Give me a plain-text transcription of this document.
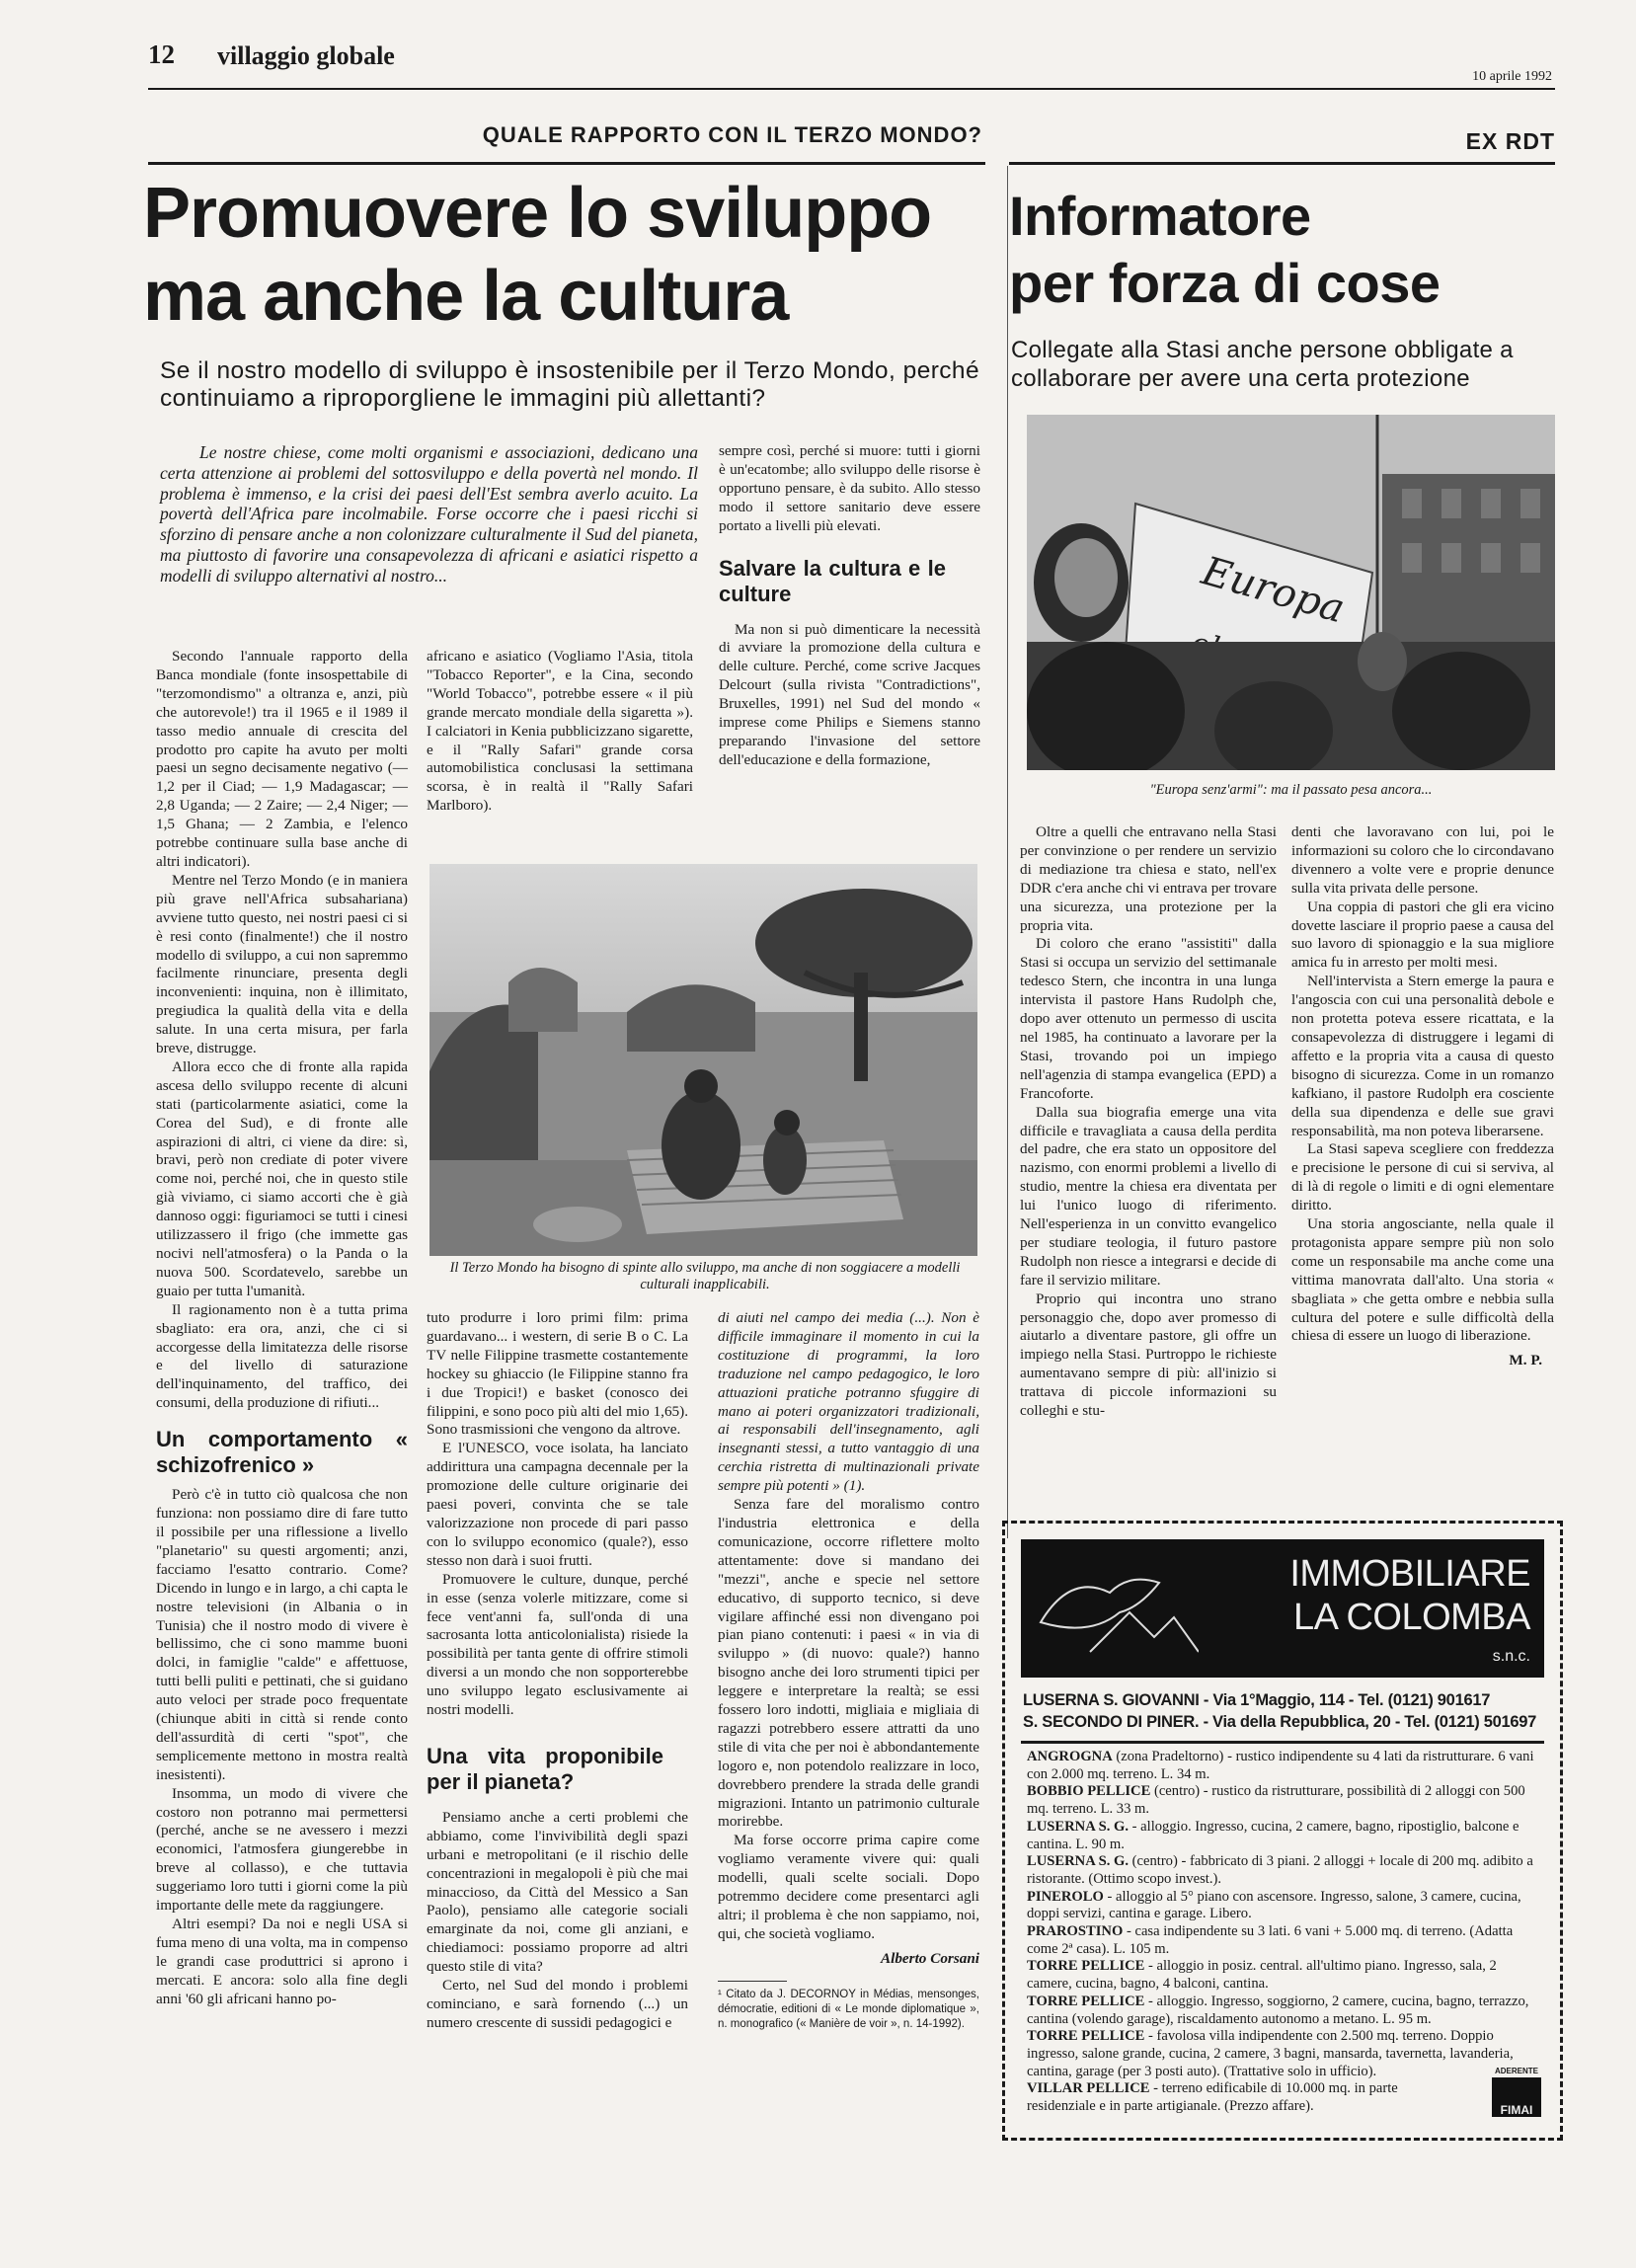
12 villaggio globale
10 aprile 1992
QUALE RAPPORTO CON IL TERZO MONDO?
Promuovere lo sviluppo
ma anche la cultura
Se il nostro modello di sviluppo è insostenibile per il Terzo Mondo, perché continuiamo a riproporgliene le immagini più allettanti?
Le nostre chiese, come molti organismi e associazioni, dedicano una certa attenzione ai problemi del sottosviluppo e della povertà nel mondo. Il problema è immenso, e la crisi dei paesi dell'Est sembra averlo acuito. La povertà dell'Africa pare incolmabile. Forse occorre che i paesi ricchi si sforzino di pensare anche a non colonizzare culturalmente il Sud del pianeta, ma piuttosto di favorire una consapevolezza di africani e asiatici rispetto a modelli di sviluppo alternativi al nostro...

Secondo l'annuale rapporto della Banca mondiale (fonte insospettabile di "terzomondismo" a oltranza e, anzi, più che autorevole!) tra il 1965 e il 1989 il tasso medio annuale di crescita del prodotto pro capite ha avuto per molti paesi un segno decisamente negativo (— 1,2 per il Ciad; — 1,9 Madagascar; — 2,8 Uganda; — 2 Zaire; — 2,4 Niger; — 1,5 Ghana; — 2 Zambia, e l'elenco potrebbe continuare sulla base anche di altri indicatori).

Mentre nel Terzo Mondo (e in maniera più grave nell'Africa subsahariana) avviene tutto questo, nei nostri paesi ci si è resi conto (finalmente!) che il nostro modello di sviluppo, a cui non sapremmo facilmente rinunciare, presenta degli inconvenienti: inquina, non è illimitato, pregiudica la qualità della vita e della salute. In una certa misura, per farla breve, distrugge.

Allora ecco che di fronte alla rapida ascesa dello sviluppo recente di alcuni stati (particolarmente asiatici, come la Corea del Sud), e di fronte alle aspirazioni di altri, ci viene da dire: sì, bravi, però non crediate di poter vivere come noi, perché noi, che in questo stile già viviamo, ci siamo accorti che è già dannoso oggi: figuriamoci se tutti i cinesi utilizzassero il frigo (che immette gas nocivi nell'atmosfera) o la Panda o la nuova 500. Scordatevelo, sarebbe un guaio per tutta l'umanità.

Il ragionamento non è a tutta prima sbagliato: era ora, anzi, che ci si accorgesse della limitatezza delle risorse e del livello di saturazione dell'inquinamento, del traffico, dei consumi, della produzione di rifiuti...

Un comportamento « schizofrenico »

Però c'è in tutto ciò qualcosa che non funziona: non possiamo dire di fare tutto il possibile per una riflessione a livello "planetario" su questi argomenti; anzi, facciamo l'esatto contrario. Come? Dicendo in lungo e in largo, a chi capta le nostre televisioni (in Albania o in Tunisia) che il nostro modo di vivere è bellissimo, che ci sono mamme buoni dolci, in famiglie "calde" e affettuose, tutti belli puliti e pettinati, che si guidano auto veloci per strade poco frequentate (chiunque abiti in città si rende conto dell'assurdità di certi "spot", che semplicemente mettono in mostra realtà inesistenti).

Insomma, un modo di vivere che costoro non potranno mai permettersi (perché, anche se ne avessero i mezzi economici, l'atmosfera giungerebbe in breve al collasso), e che tuttavia suggeriamo loro tutti i giorni come la più importante delle mete da raggiungere.

Altri esempi? Da noi e negli USA si fuma meno di una volta, ma in compenso le grandi case produttrici si aprono i mercati. E ancora: solo alla fine degli anni '60 gli africani hanno po-

africano e asiatico (Vogliamo l'Asia, titola "Tobacco Reporter", e la Cina, secondo "World Tobacco", potrebbe essere « il più grande mercato mondiale della sigaretta »). I calciatori in Kenia pubblicizzano sigarette, e il "Rally Safari" grande corsa automobilistica conclusasi la settimana scorsa, è in realtà il "Rally Safari Marlboro).

sempre così, perché si muore: tutti i giorni è un'ecatombe; allo sviluppo delle risorse è opportuno pensare, è da subito. Allo stesso modo il settore sanitario deve essere portato a livelli più elevati.

Salvare la cultura e le culture

Ma non si può dimenticare la necessità di avviare la promozione della cultura e delle culture. Perché, come scrive Jacques Delcourt (sulla rivista "Contradictions", Bruxelles, 1991) nel Sud del mondo « imprese come Philips e Siemens stanno preparando l'invasione del settore dell'educazione e della formazione,

Il Terzo Mondo ha bisogno di spinte allo sviluppo, ma anche di non soggiacere a modelli culturali inapplicabili.

tuto produrre i loro primi film: prima guardavano... i western, di serie B o C. La TV nelle Filippine trasmette costantemente hockey su ghiaccio (le Filippine stanno fra i due Tropici!) e basket (conosco dei filippini, e sono poco più alti del mio 1,65). Sono trasmissioni che vengono da altrove.

E l'UNESCO, voce isolata, ha lanciato addirittura una campagna decennale per la promozione delle culture originarie dei paesi poveri, convinta che se tale valorizzazione non procede di pari passo con lo sviluppo economico (quale?), esso stesso non darà i suoi frutti.

Promuovere le culture, dunque, perché in esse (senza volerle mitizzare, come si fece vent'anni fa, sull'onda di una sacrosanta lotta anticolonialista) risiede la possibilità per tanta gente di offrire stimoli diversi a un mondo che non sopporterebbe uno sviluppo legato esclusivamente ai nostri modelli.

Una vita proponibile per il pianeta?

Pensiamo anche a certi problemi che abbiamo, come l'invivibilità degli spazi urbani e metropolitani (e il rischio delle concentrazioni in megalopoli è più che mai minaccioso, da Città del Messico a San Paolo), pensiamo alle categorie sociali emarginate da noi, come gli anziani, e chiediamoci: possiamo proporre ad altri questo stile di vita?

Certo, nel Sud del mondo i problemi cominciano, e sarà fornendo (...) un numero crescente di sussidi pedagogici e

di aiuti nel campo dei media (...). Non è difficile immaginare il momento in cui la costituzione di programmi, la loro traduzione nel campo pedagogico, le loro attuazioni pratiche potranno sfuggire di mano ai poteri organizzatori tradizionali, ai responsabili dell'insegnamento, agli insegnanti stessi, a tutto vantaggio di una cerchia ristretta di multinazionali private sempre più potenti » (1).

Senza fare del moralismo contro l'industria elettronica e della comunicazione, occorre riflettere molto attentamente: dove si mandano dei "mezzi", anche e specie nel settore educativo, di supporto tecnico, si deve vigilare affinché essi non divengano poi pian piano contenuti: i paesi « in via di sviluppo » (di nuovo: quale?) hanno bisogno anche dei loro strumenti tipici per leggere e interpretare la realtà; se essi fossero loro indotti, migliaia e migliaia di ragazzi potrebbero essere attratti da uno stile di vita che per noi è abbondantemente logoro e, non potendolo realizzare in loco, dovrebbero prendere la strada delle grandi migrazioni. Intanto un patrimonio culturale morirebbe.

Ma forse occorre prima capire come vogliamo veramente vivere qui: quali modelli, quali scelte sociali. Dopo potremmo decidere come presentarci agli altri; il problema è che non sappiamo, noi, qui, che società vogliamo.

Alberto Corsani
¹ Citato da J. DECORNOY in Médias, mensonges, démocratie, editioni di « Le monde diplomatique », n. monografico (« Manière de voir », n. 14-1992).
EX RDT
Informatore
per forza di cose
Collegate alla Stasi anche persone obbligate a collaborare per avere una certa protezione
Europa
"Europa senz'armi": ma il passato pesa ancora...

Oltre a quelli che entravano nella Stasi per convinzione o per rendere un servizio di mediazione tra chiesa e stato, nell'ex DDR c'era anche chi vi entrava per trovare una sicurezza, una protezione per la propria vita.

Di coloro che erano "assistiti" dalla Stasi si occupa un servizio del settimanale tedesco Stern, che incontra in una lunga intervista il pastore Hans Rudolph che, dopo aver ottenuto un permesso di uscita nel 1985, ha continuato a lavorare per la Stasi, trovando poi un impiego nell'agenzia di stampa evangelica (EPD) a Francoforte.

Dalla sua biografia emerge una vita difficile e travagliata a causa della perdita del padre, che era stato un oppositore del nazismo, con enormi problemi a livello di studio, mentre la chiesa era diventata per lui l'unico luogo di riferimento. Nell'esperienza in un convitto evangelico per studiare teologia, il futuro pastore Rudolph non riesce a integrarsi e decide di fare il servizio militare.

Proprio qui incontra uno strano personaggio che, dopo aver promesso di aiutarlo a diventare pastore, gli offre un impiego nella Stasi. Purtroppo le richieste aumentavano sempre di più: all'inizio si trattava di piccole informazioni su colleghi e stu-

denti che lavoravano con lui, poi le informazioni su coloro che lo circondavano divennero a volte vere e proprie denunce sulla vita privata delle persone.

Una coppia di pastori che gli era vicino dovette lasciare il proprio paese a causa del suo lavoro di spionaggio e la sua migliore amica fu in arresto per molti mesi.

Nell'intervista a Stern emerge la paura e l'angoscia con cui una personalità debole e non protetta poteva essere ricattata, e la consapevolezza di distruggere i legami di affetto e la propria vita a causa di questo bisogno di sicurezza. Come in un romanzo kafkiano, il pastore Rudolph era cosciente della sua dipendenza e delle sue gravi responsabilità, ma non poteva liberarsene.

La Stasi sapeva scegliere con freddezza e precisione le persone di cui si serviva, al di là di regole o limiti e di ogni elementare diritto.

Una storia angosciante, nella quale il protagonista appare sempre più non solo come un responsabile ma anche come una vittima manovrata dall'alto. Una storia « sbagliata » che getta ombre e nebbia sulla cultura del potere e sulle difficoltà della chiesa di essere un luogo di liberazione.

M. P.
IMMOBILIARE
LA COLOMBA
s.n.c.
LUSERNA S. GIOVANNI - Via 1°Maggio, 114 - Tel. (0121) 901617
S. SECONDO DI PINER. - Via della Repubblica, 20 - Tel. (0121) 501697
ANGROGNA (zona Pradeltorno) - rustico indipendente su 4 lati da ristrutturare. 6 vani con 2.000 mq. terreno. L. 34 m.
BOBBIO PELLICE (centro) - rustico da ristrutturare, possibilità di 2 alloggi con 500 mq. terreno. L. 33 m.
LUSERNA S. G. - alloggio. Ingresso, cucina, 2 camere, bagno, ripostiglio, balcone e cantina. L. 90 m.
LUSERNA S. G. (centro) - fabbricato di 3 piani. 2 alloggi + locale di 200 mq. adibito a ristorante. (Ottimo scopo invest.).
PINEROLO - alloggio al 5° piano con ascensore. Ingresso, salone, 3 camere, cucina, doppi servizi, cantina e garage. Libero.
PRAROSTINO - casa indipendente su 3 lati. 6 vani + 5.000 mq. di terreno. (Adatta come 2ª casa). L. 105 m.
TORRE PELLICE - alloggio in posiz. central. all'ultimo piano. Ingresso, sala, 2 camere, cucina, bagno, 4 balconi, cantina.
TORRE PELLICE - alloggio. Ingresso, soggiorno, 2 camere, cucina, bagno, terrazzo, cantina (volendo garage), riscaldamento autonomo a metano. L. 95 m.
TORRE PELLICE - favolosa villa indipendente con 2.500 mq. terreno. Doppio ingresso, salone grande, cucina, 2 camere, 3 bagni, mansarda, tavernetta, lavanderia, cantina, garage (per 3 posti auto). (Trattative solo in ufficio).
VILLAR PELLICE - terreno edificabile di 10.000 mq. in parte residenziale e in parte artigianale. (Prezzo affare).
ADERENTE
FIMAI
